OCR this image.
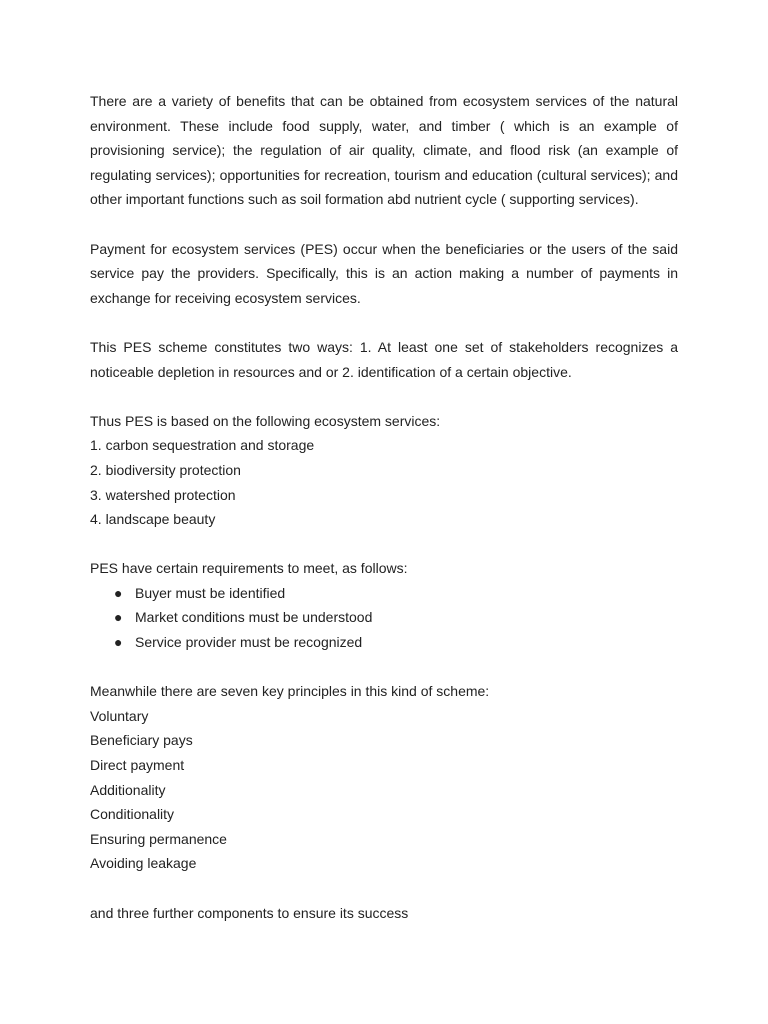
There are a variety of benefits that can be obtained from ecosystem services of the natural environment. These include food supply, water, and timber ( which is an example of provisioning service); the regulation of air quality, climate, and flood risk (an example of regulating services); opportunities for recreation, tourism and education (cultural services); and other important functions such as soil formation abd nutrient cycle ( supporting services).

Payment for ecosystem services (PES) occur when the beneficiaries or the users of the said service pay the providers. Specifically, this is an action making a number of payments in exchange for receiving ecosystem services.

This PES scheme constitutes two ways: 1. At least one set of stakeholders recognizes a noticeable depletion in resources and or 2. identification of a certain objective.

Thus PES is based on the following ecosystem services:
1. carbon sequestration and storage
2. biodiversity protection
3. watershed protection
4. landscape beauty
PES have certain requirements to meet, as follows:
● Buyer must be identified
● Market conditions must be understood
● Service provider must be recognized
Meanwhile there are seven key principles in this kind of scheme:
Voluntary
Beneficiary pays
Direct payment
Additionality
Conditionality
Ensuring permanence
Avoiding leakage

and three further components to ensure its success
